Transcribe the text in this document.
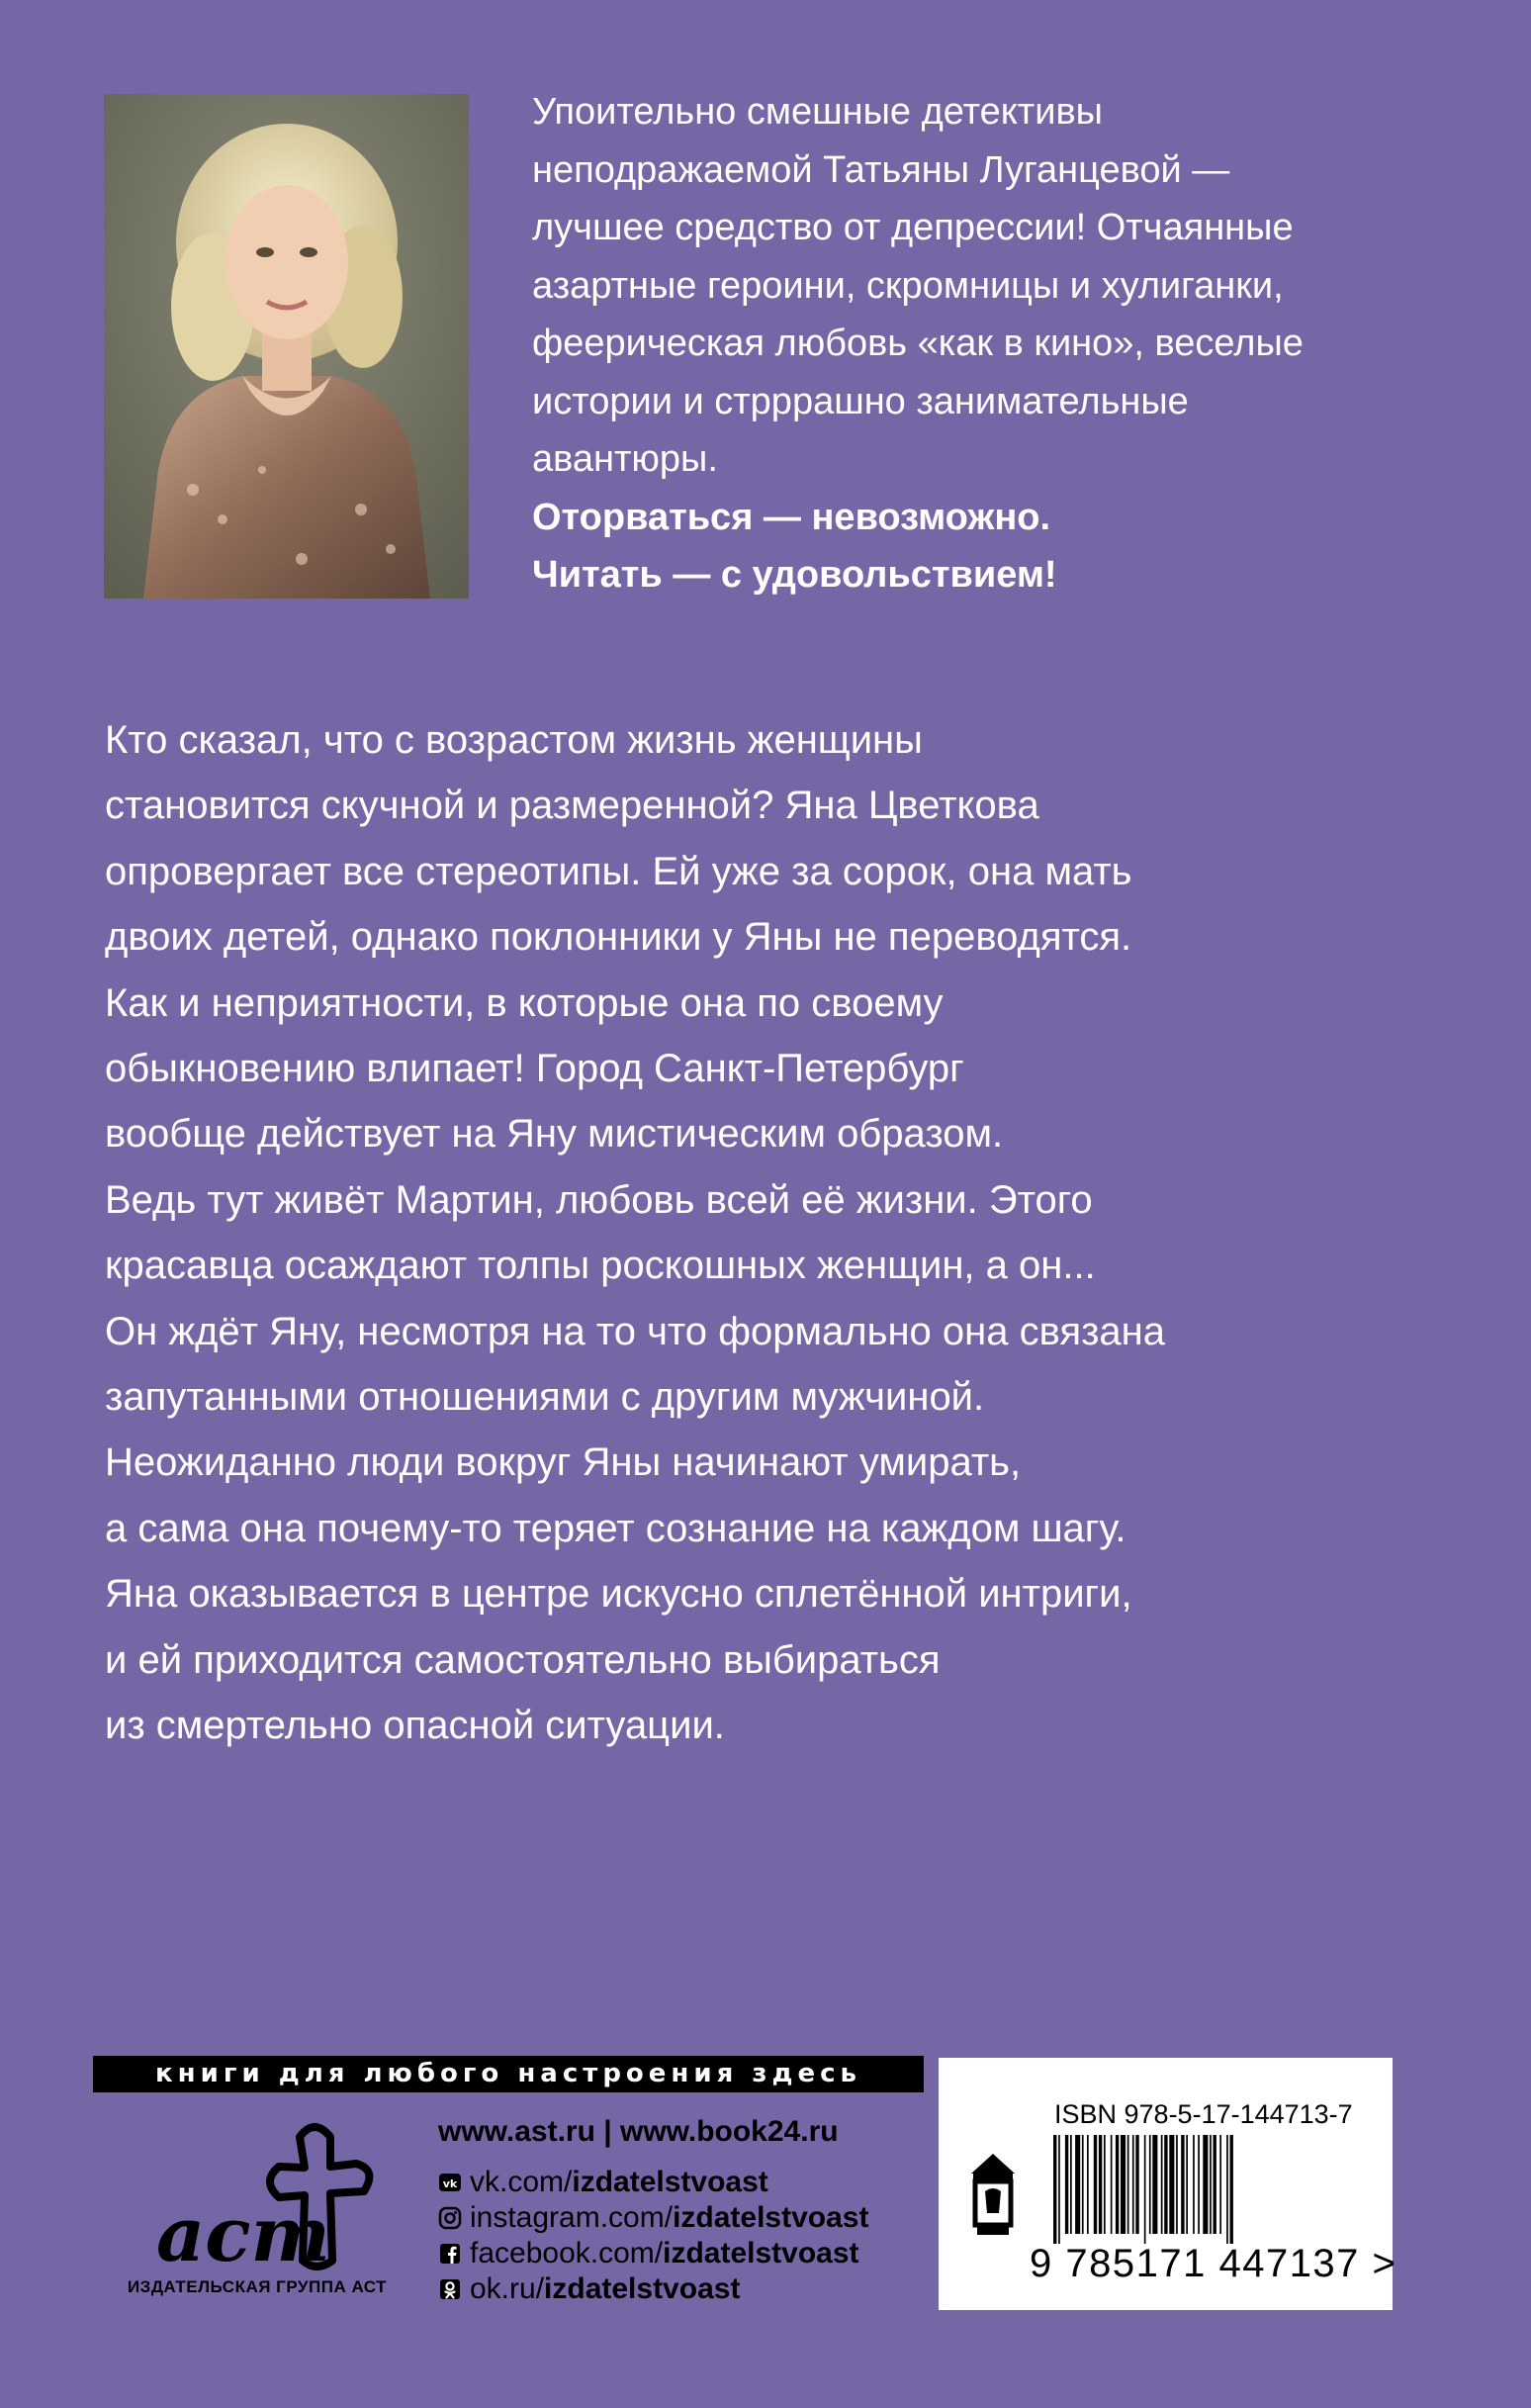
Упоительно смешные детективы
неподражаемой Татьяны Луганцевой —
лучшее средство от депрессии! Отчаянные
азартные героини, скромницы и хулиганки,
феерическая любовь «как в кино», веселые
истории и стрррашно занимательные
авантюры.
Оторваться — невозможно.
Читать — с удовольствием!
Кто сказал, что с возрастом жизнь женщины
становится скучной и размеренной? Яна Цветкова
опровергает все стереотипы. Ей уже за сорок, она мать
двоих детей, однако поклонники у Яны не переводятся.
Как и неприятности, в которые она по своему
обыкновению влипает! Город Санкт-Петербург
вообще действует на Яну мистическим образом.
Ведь тут живёт Мартин, любовь всей её жизни. Этого
красавца осаждают толпы роскошных женщин, а он...
Он ждёт Яну, несмотря на то что формально она связана
запутанными отношениями с другим мужчиной.
Неожиданно люди вокруг Яны начинают умирать,
а сама она почему-то теряет сознание на каждом шагу.
Яна оказывается в центре искусно сплетённой интриги,
и ей приходится самостоятельно выбираться
из смертельно опасной ситуации.
книги для любого настроения здесь
аст
ИЗДАТЕЛЬСКАЯ ГРУППА АСТ
www.ast.ru | www.book24.ru
vk vk.com/ izdatelstvoast
instagram.com/ izdatelstvoast
facebook.com/ izdatelstvoast
ok.ru/ izdatelstvoast
ISBN 978-5-17-144713-7
9 785171 447137 >
